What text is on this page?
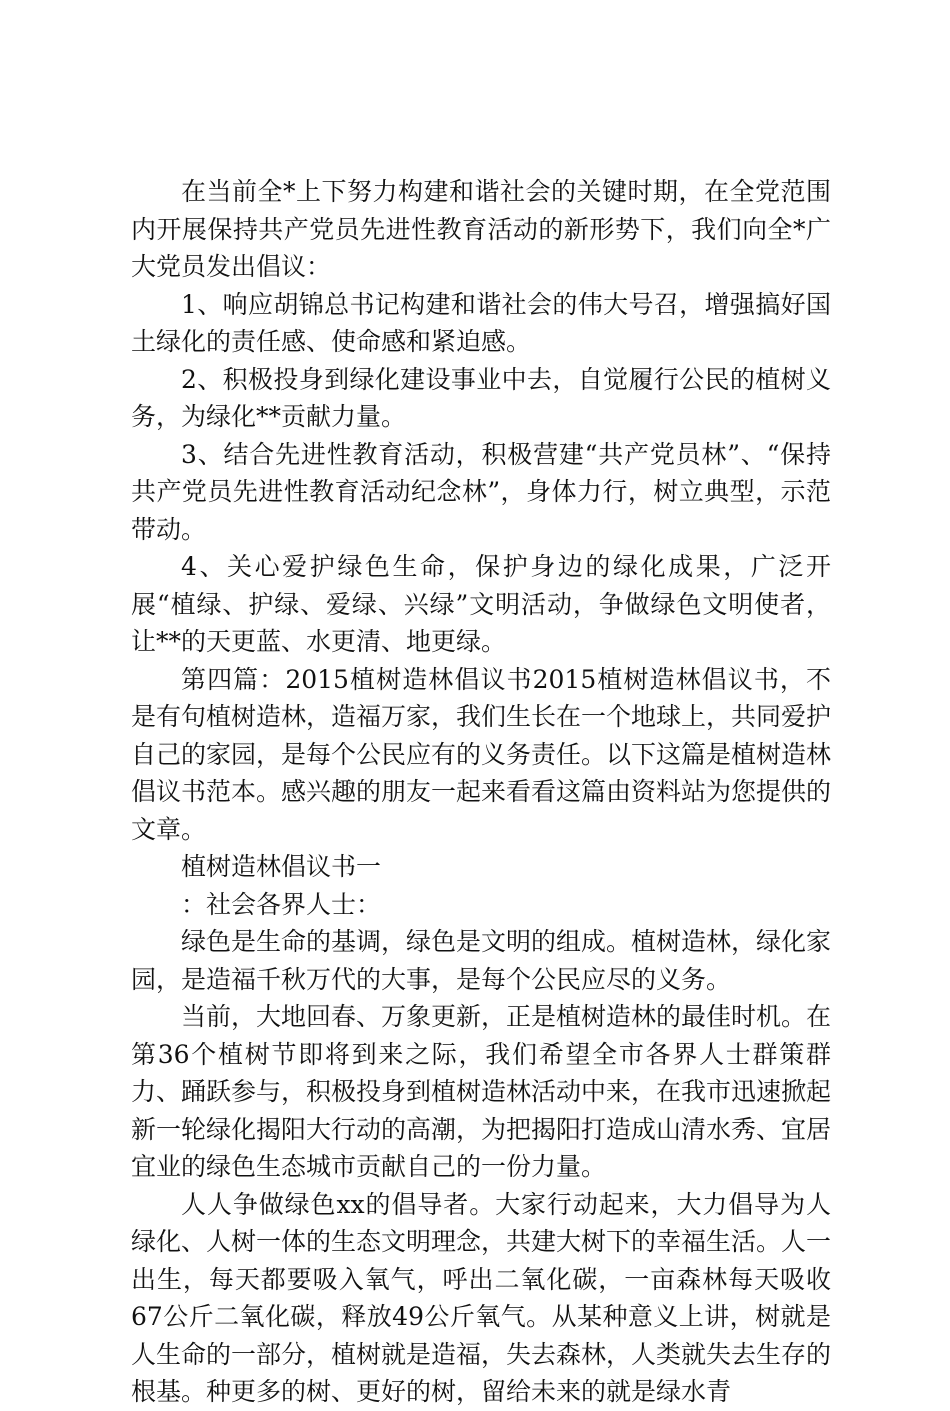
在当前全*上下努力构建和谐社会的关键时期，在全党范围内开展保持共产党员先进性教育活动的新形势下，我们向全*广大党员发出倡议：

1、响应胡锦总书记构建和谐社会的伟大号召，增强搞好国土绿化的责任感、使命感和紧迫感。

2、积极投身到绿化建设事业中去，自觉履行公民的植树义务，为绿化**贡献力量。

3、结合先进性教育活动，积极营建“共产党员林”、“保持共产党员先进性教育活动纪念林”，身体力行，树立典型，示范带动。

4、关心爱护绿色生命，保护身边的绿化成果，广泛开展“植绿、护绿、爱绿、兴绿”文明活动，争做绿色文明使者，让**的天更蓝、水更清、地更绿。

第四篇：2015植树造林倡议书2015植树造林倡议书，不是有句植树造林，造福万家，我们生长在一个地球上，共同爱护自己的家园，是每个公民应有的义务责任。以下这篇是植树造林倡议书范本。感兴趣的朋友一起来看看这篇由资料站为您提供的文章。

植树造林倡议书一

：社会各界人士：

绿色是生命的基调，绿色是文明的组成。植树造林，绿化家园，是造福千秋万代的大事，是每个公民应尽的义务。

当前，大地回春、万象更新，正是植树造林的最佳时机。在第36个植树节即将到来之际，我们希望全市各界人士群策群力、踊跃参与，积极投身到植树造林活动中来，在我市迅速掀起新一轮绿化揭阳大行动的高潮，为把揭阳打造成山清水秀、宜居宜业的绿色生态城市贡献自己的一份力量。

人人争做绿色xx的倡导者。大家行动起来，大力倡导为人绿化、人树一体的生态文明理念，共建大树下的幸福生活。人一出生，每天都要吸入氧气，呼出二氧化碳，一亩森林每天吸收67公斤二氧化碳，释放49公斤氧气。从某种意义上讲，树就是人生命的一部分，植树就是造福，失去森林，人类就失去生存的根基。种更多的树、更好的树，留给未来的就是绿水青
